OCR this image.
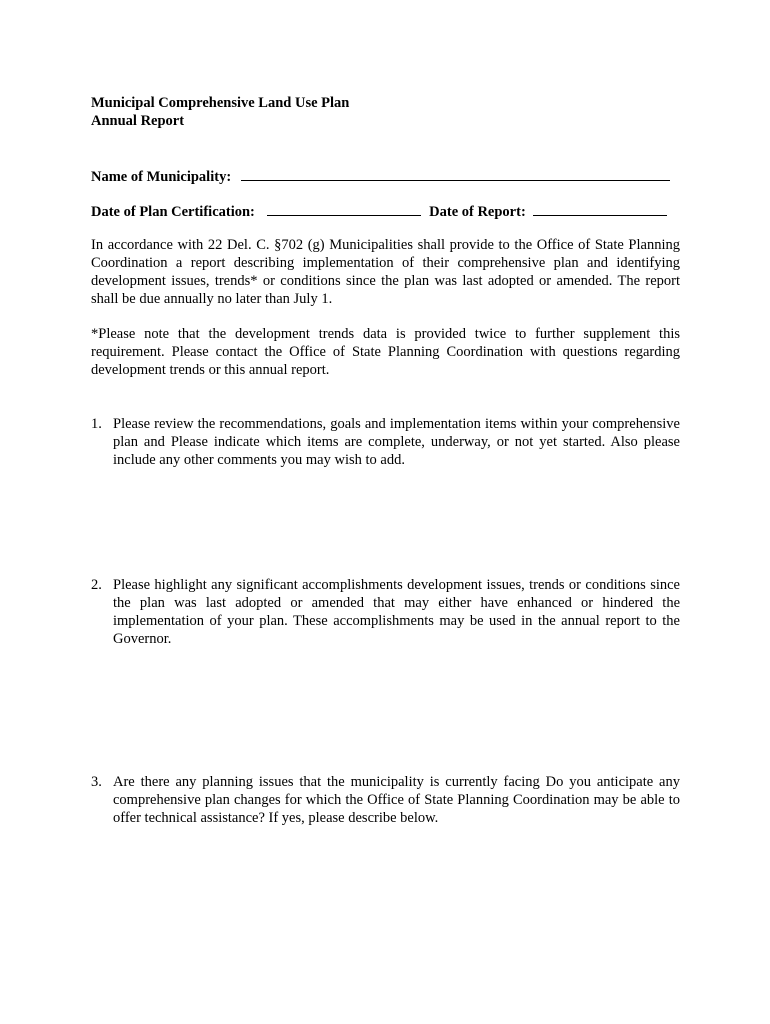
Municipal Comprehensive Land Use Plan
Annual Report
Name of Municipality:
Date of Plan Certification:	Date of Report:
In accordance with 22 Del. C. §702 (g) Municipalities shall provide to the Office of State Planning Coordination a report describing implementation of their comprehensive plan and identifying development issues, trends* or conditions since the plan was last adopted or amended. The report shall be due annually no later than July 1.
*Please note that the development trends data is provided twice to further supplement this requirement. Please contact the Office of State Planning Coordination with questions regarding development trends or this annual report.
1. Please review the recommendations, goals and implementation items within your comprehensive plan and Please indicate which items are complete, underway, or not yet started. Also please include any other comments you may wish to add.
2. Please highlight any significant accomplishments development issues, trends or conditions since the plan was last adopted or amended that may either have enhanced or hindered the implementation of your plan. These accomplishments may be used in the annual report to the Governor.
3. Are there any planning issues that the municipality is currently facing Do you anticipate any comprehensive plan changes for which the Office of State Planning Coordination may be able to offer technical assistance? If yes, please describe below.
